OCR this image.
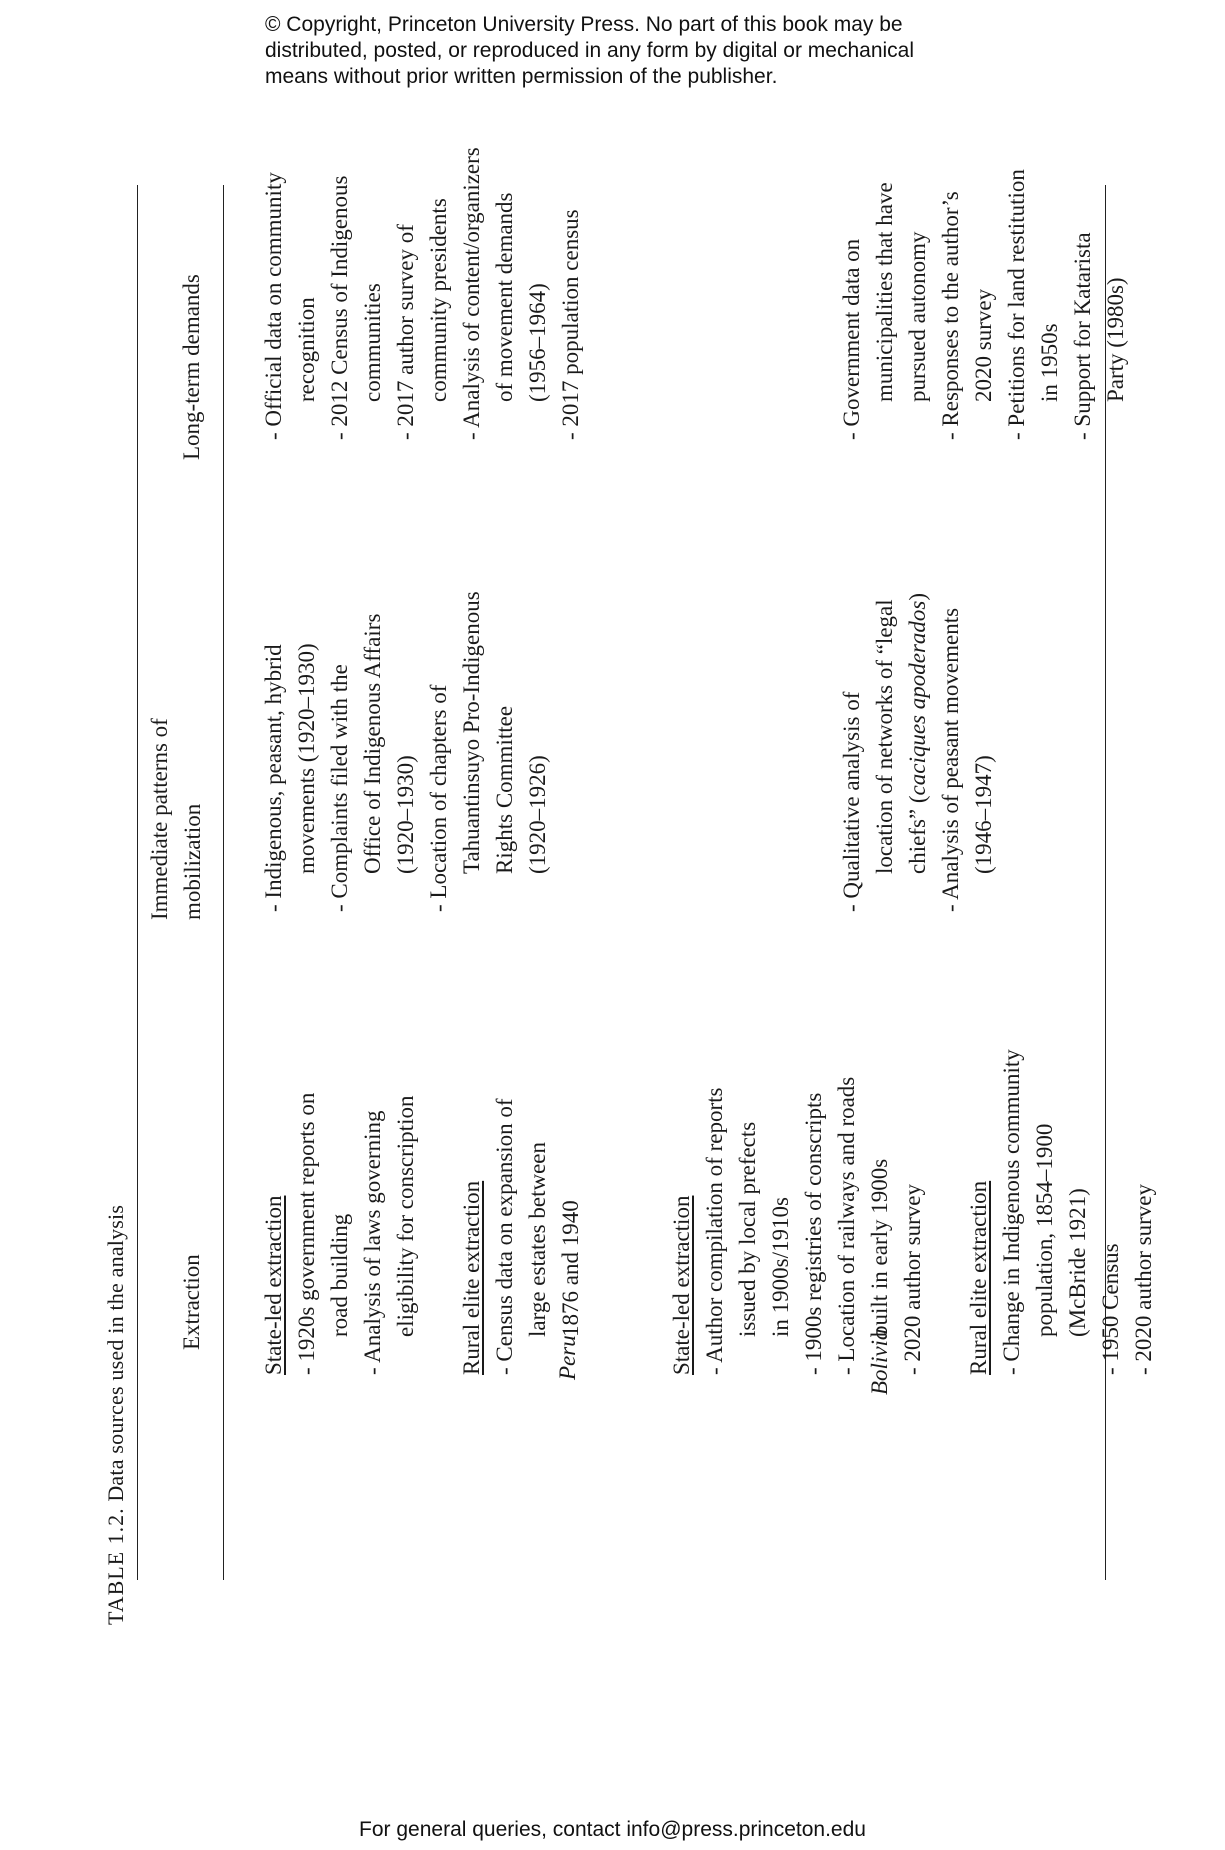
© Copyright, Princeton University Press. No part of this book may be
distributed, posted, or reproduced in any form by digital or mechanical
means without prior written permission of the publisher.
TABLE 1.2. Data sources used in the analysis Extraction
Immediate patterns of mobilization
Long-term demands
Peru	Bolivia
State-led extraction - 1920s government reports on road building - Analysis of laws governing eligibility for conscription Rural elite extraction - Census data on expansion of large estates between 1876 and 1940
- Indigenous, peasant, hybrid movements (1920–1930) - Complaints filed with the Office of Indigenous Affairs (1920–1930) - Location of chapters of Tahuantinsuyo Pro-Indigenous Rights Committee (1920–1926)
- Official data on community recognition - 2012 Census of Indigenous communities - 2017 author survey of community presidents - Analysis of content/organizers of movement demands (1956–1964) - 2017 population census
State-led extraction - Author compilation of reports issued by local prefects in 1900s/1910s - 1900s registries of conscripts - Location of railways and roads built in early 1900s - 2020 author survey Rural elite extraction - Change in Indigenous community population, 1854–1900 (McBride 1921) - 1950 Census - 2020 author survey
- Qualitative analysis of location of networks of “legal chiefs” (caciques apoderados)
- Analysis of peasant movements (1946–1947)
- Government data on municipalities that have pursued autonomy - Responses to the author’s 2020 survey - Petitions for land restitution in 1950s - Support for Katarista Party (1980s)
For general queries, contact info@press.princeton.edu
